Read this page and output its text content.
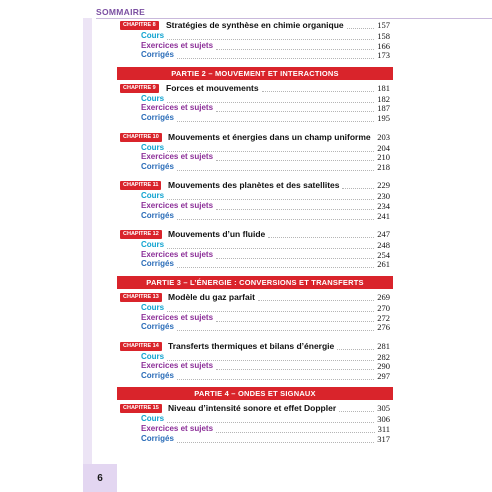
SOMMAIRE
6
CHAPITRE 8	Stratégies de synthèse en chimie organique	157
Cours	158
Exercices et sujets	166
Corrigés	173
PARTIE 2 – MOUVEMENT ET INTERACTIONS
CHAPITRE 9	Forces et mouvements	181
Cours	182
Exercices et sujets	187
Corrigés	195
CHAPITRE 10	Mouvements et énergies dans un champ uniforme 203
Cours	204
Exercices et sujets	210
Corrigés	218
CHAPITRE 11	Mouvements des planètes et des satellites	229
Cours	230
Exercices et sujets	234
Corrigés	241
CHAPITRE 12	Mouvements d’un fluide	247
Cours	248
Exercices et sujets	254
Corrigés	261
PARTIE 3 – L’ÉNERGIE : CONVERSIONS ET TRANSFERTS
CHAPITRE 13	Modèle du gaz parfait	269
Cours	270
Exercices et sujets	272
Corrigés	276
CHAPITRE 14	Transferts thermiques et bilans d’énergie	281
Cours	282
Exercices et sujets	290
Corrigés	297
PARTIE 4 – ONDES ET SIGNAUX
CHAPITRE 15	Niveau d’intensité sonore et effet Doppler	305
Cours	306
Exercices et sujets	311
Corrigés	317
